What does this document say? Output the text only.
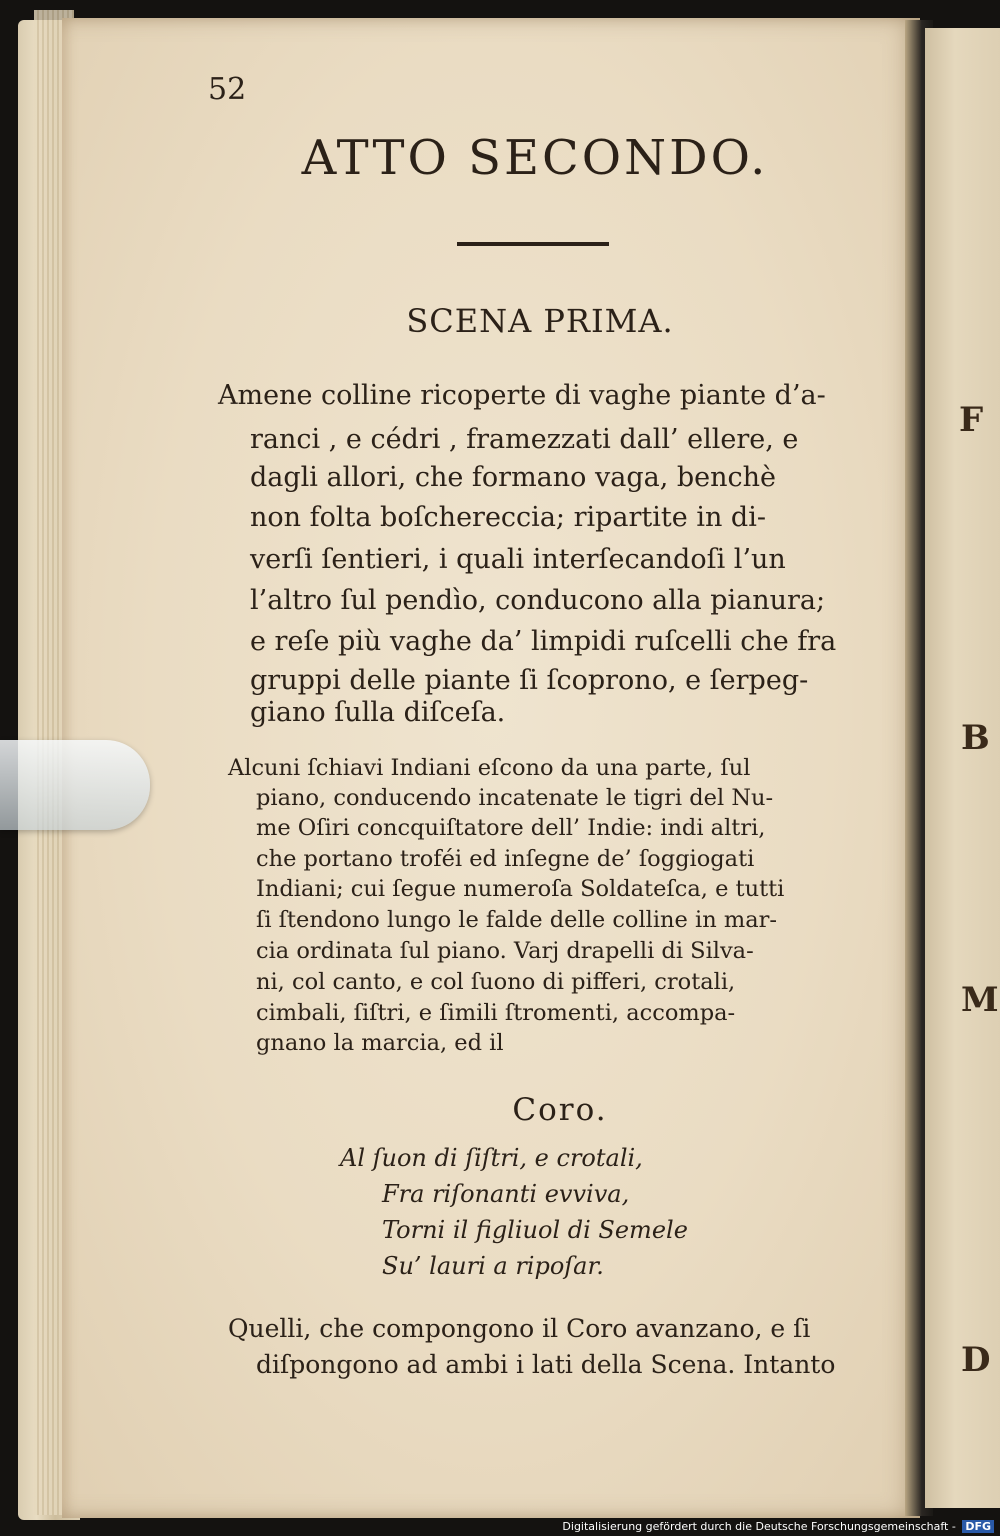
F
B
M
D
52
ATTO SECONDO.
SCENA PRIMA.
Amene colline ricoperte di vaghe piante d’a-
ranci , e cédri , framezzati dall’ ellere, e
dagli allori, che formano vaga, benchè
non folta boſchereccia; ripartite in di-
verſi ſentieri, i quali interſecandoſi l’un
l’altro ſul pendìo, conducono alla pianura;
e reſe più vaghe da’ limpidi ruſcelli che fra
gruppi delle piante ſi ſcoprono, e ſerpeg-
giano ſulla diſceſa.
Alcuni ſchiavi Indiani eſcono da una parte, ſul
piano, conducendo incatenate le tigri del Nu-
me Oſiri concquiſtatore dell’ Indie: indi altri,
che portano troféi ed inſegne de’ ſoggiogati
Indiani; cui ſegue numeroſa Soldateſca, e tutti
ſi ſtendono lungo le falde delle colline in mar-
cia ordinata ſul piano. Varj drapelli di Silva-
ni, col canto, e col ſuono di pifferi, crotali,
cimbali, ſiſtri, e ſimili ſtromenti, accompa-
gnano la marcia, ed il
Coro.
Al ſuon di ſiſtri, e crotali,
Fra riſonanti evviva,
Torni il figliuol di Semele
Su’ lauri a ripoſar.
Quelli, che compongono il Coro avanzano, e ſi
diſpongono ad ambi i lati della Scena. Intanto
Digitalisierung gefördert durch die Deutsche Forschungsgemeinschaft - DFG
